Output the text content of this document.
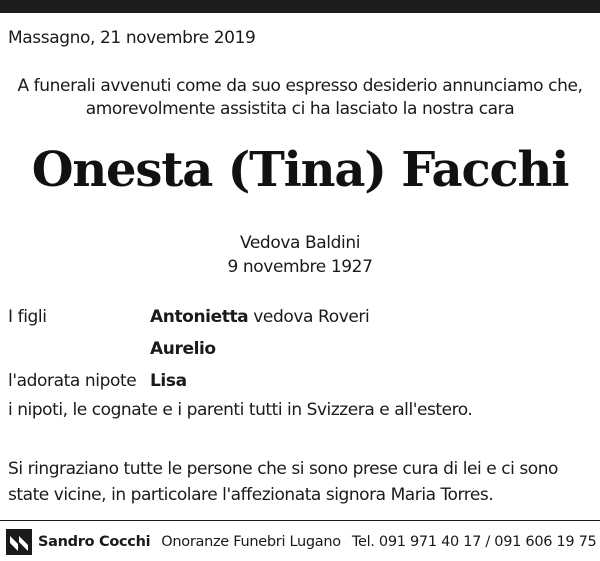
Massagno, 21 novembre 2019
A funerali avvenuti come da suo espresso desiderio annunciamo che,
amorevolmente assistita ci ha lasciato la nostra cara
Onesta (Tina) Facchi
Vedova Baldini
9 novembre 1927
I figli	Antonietta vedova Roveri
Aurelio
l'adorata nipote Lisa
i nipoti, le cognate e i parenti tutti in Svizzera e all'estero.
Si ringraziano tutte le persone che si sono prese cura di lei e ci sono state vicine, in particolare l'affezionata signora Maria Torres.
Sandro Cocchi Onoranze Funebri Lugano Tel. 091 971 40 17 / 091 606 19 75
